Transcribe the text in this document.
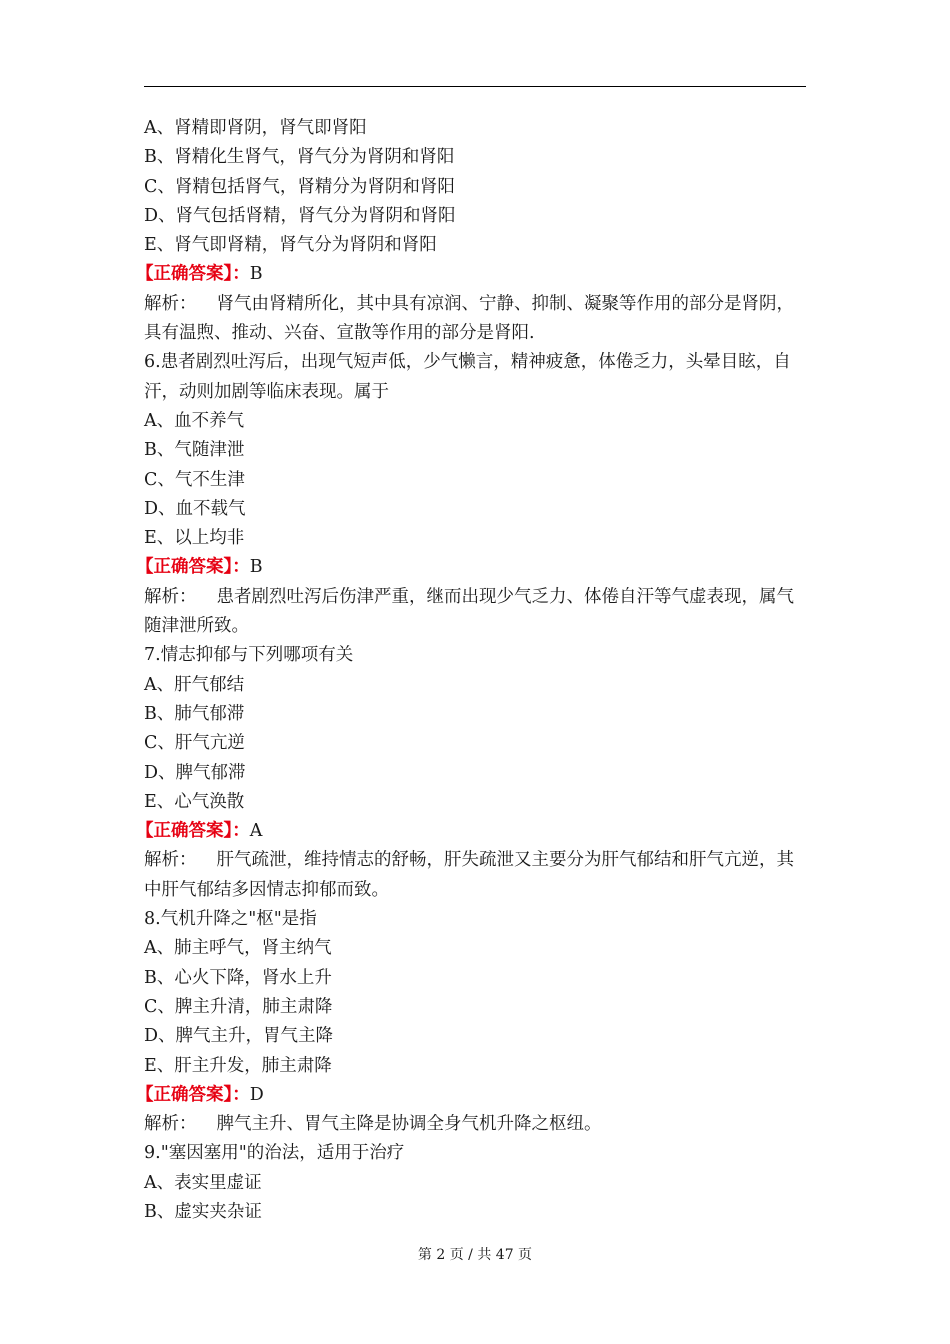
A、肾精即肾阴，肾气即肾阳
B、肾精化生肾气，肾气分为肾阴和肾阳
C、肾精包括肾气，肾精分为肾阴和肾阳
D、肾气包括肾精，肾气分为肾阴和肾阳
E、肾气即肾精，肾气分为肾阴和肾阳
【正确答案】：B
解析： 肾气由肾精所化，其中具有凉润、宁静、抑制、凝聚等作用的部分是肾阴，具有温煦、推动、兴奋、宣散等作用的部分是肾阳.
6.患者剧烈吐泻后，出现气短声低，少气懒言，精神疲惫，体倦乏力，头晕目眩，自汗，动则加剧等临床表现。属于
A、血不养气
B、气随津泄
C、气不生津
D、血不载气
E、以上均非
【正确答案】：B
解析： 患者剧烈吐泻后伤津严重，继而出现少气乏力、体倦自汗等气虚表现，属气随津泄所致。
7.情志抑郁与下列哪项有关
A、肝气郁结
B、肺气郁滞
C、肝气亢逆
D、脾气郁滞
E、心气涣散
【正确答案】：A
解析： 肝气疏泄，维持情志的舒畅，肝失疏泄又主要分为肝气郁结和肝气亢逆，其中肝气郁结多因情志抑郁而致。
8.气机升降之"枢"是指
A、肺主呼气，肾主纳气
B、心火下降，肾水上升
C、脾主升清，肺主肃降
D、脾气主升，胃气主降
E、肝主升发，肺主肃降
【正确答案】：D
解析： 脾气主升、胃气主降是协调全身气机升降之枢纽。
9."塞因塞用"的治法，适用于治疗
A、表实里虚证
B、虚实夹杂证
第 2 页 / 共 47 页
